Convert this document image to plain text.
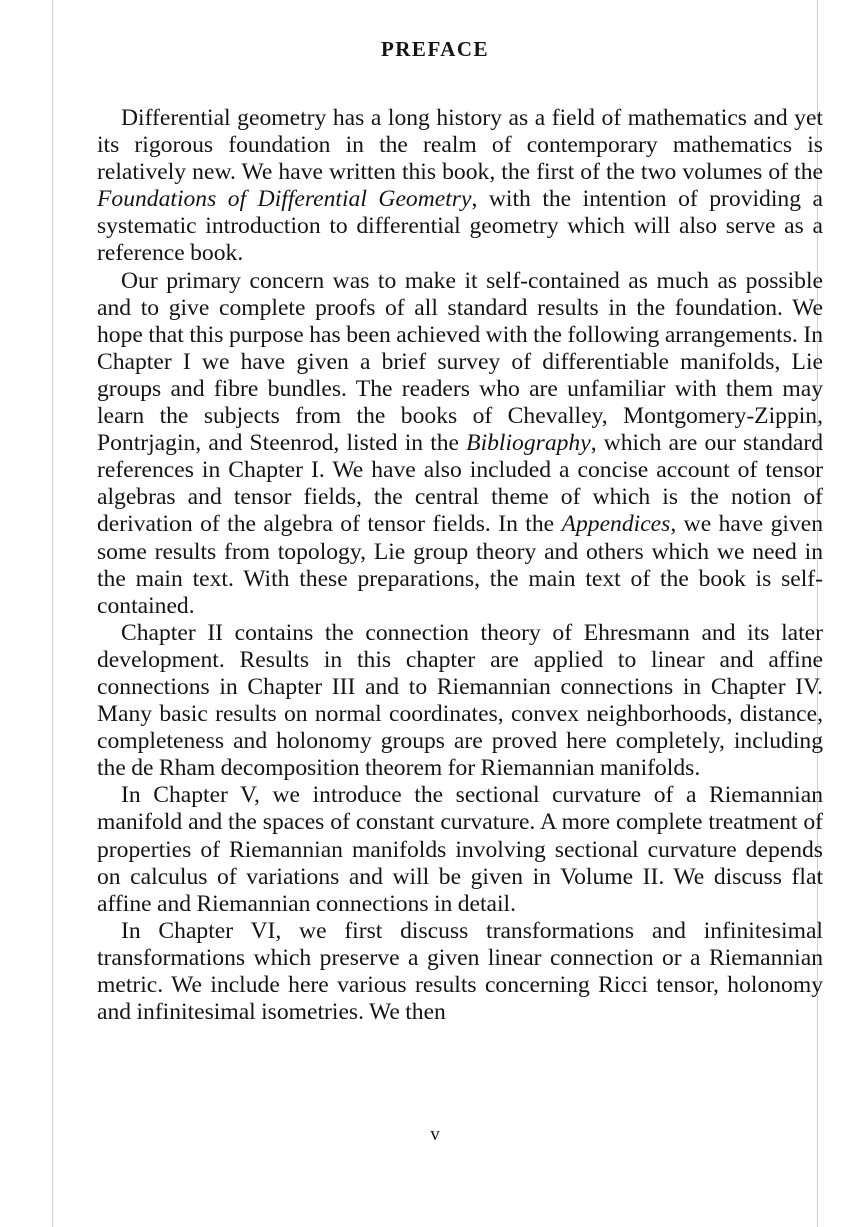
PREFACE

Differential geometry has a long history as a field of mathematics and yet its rigorous foundation in the realm of contemporary mathematics is relatively new. We have written this book, the first of the two volumes of the Foundations of Differential Geometry, with the intention of providing a systematic introduction to differential geometry which will also serve as a reference book.

Our primary concern was to make it self-contained as much as possible and to give complete proofs of all standard results in the foundation. We hope that this purpose has been achieved with the following arrangements. In Chapter I we have given a brief survey of differentiable manifolds, Lie groups and fibre bundles. The readers who are unfamiliar with them may learn the subjects from the books of Chevalley, Montgomery-Zippin, Pontrjagin, and Steenrod, listed in the Bibliography, which are our standard references in Chapter I. We have also included a concise account of tensor algebras and tensor fields, the central theme of which is the notion of derivation of the algebra of tensor fields. In the Appendices, we have given some results from topology, Lie group theory and others which we need in the main text. With these preparations, the main text of the book is self-contained.

Chapter II contains the connection theory of Ehresmann and its later development. Results in this chapter are applied to linear and affine connections in Chapter III and to Riemannian connections in Chapter IV. Many basic results on normal coordinates, convex neighborhoods, distance, completeness and holonomy groups are proved here completely, including the de Rham decomposition theorem for Riemannian manifolds.

In Chapter V, we introduce the sectional curvature of a Riemannian manifold and the spaces of constant curvature. A more complete treatment of properties of Riemannian manifolds involving sectional curvature depends on calculus of variations and will be given in Volume II. We discuss flat affine and Riemannian connections in detail.

In Chapter VI, we first discuss transformations and infinitesimal transformations which preserve a given linear connection or a Riemannian metric. We include here various results concerning Ricci tensor, holonomy and infinitesimal isometries. We then

v
